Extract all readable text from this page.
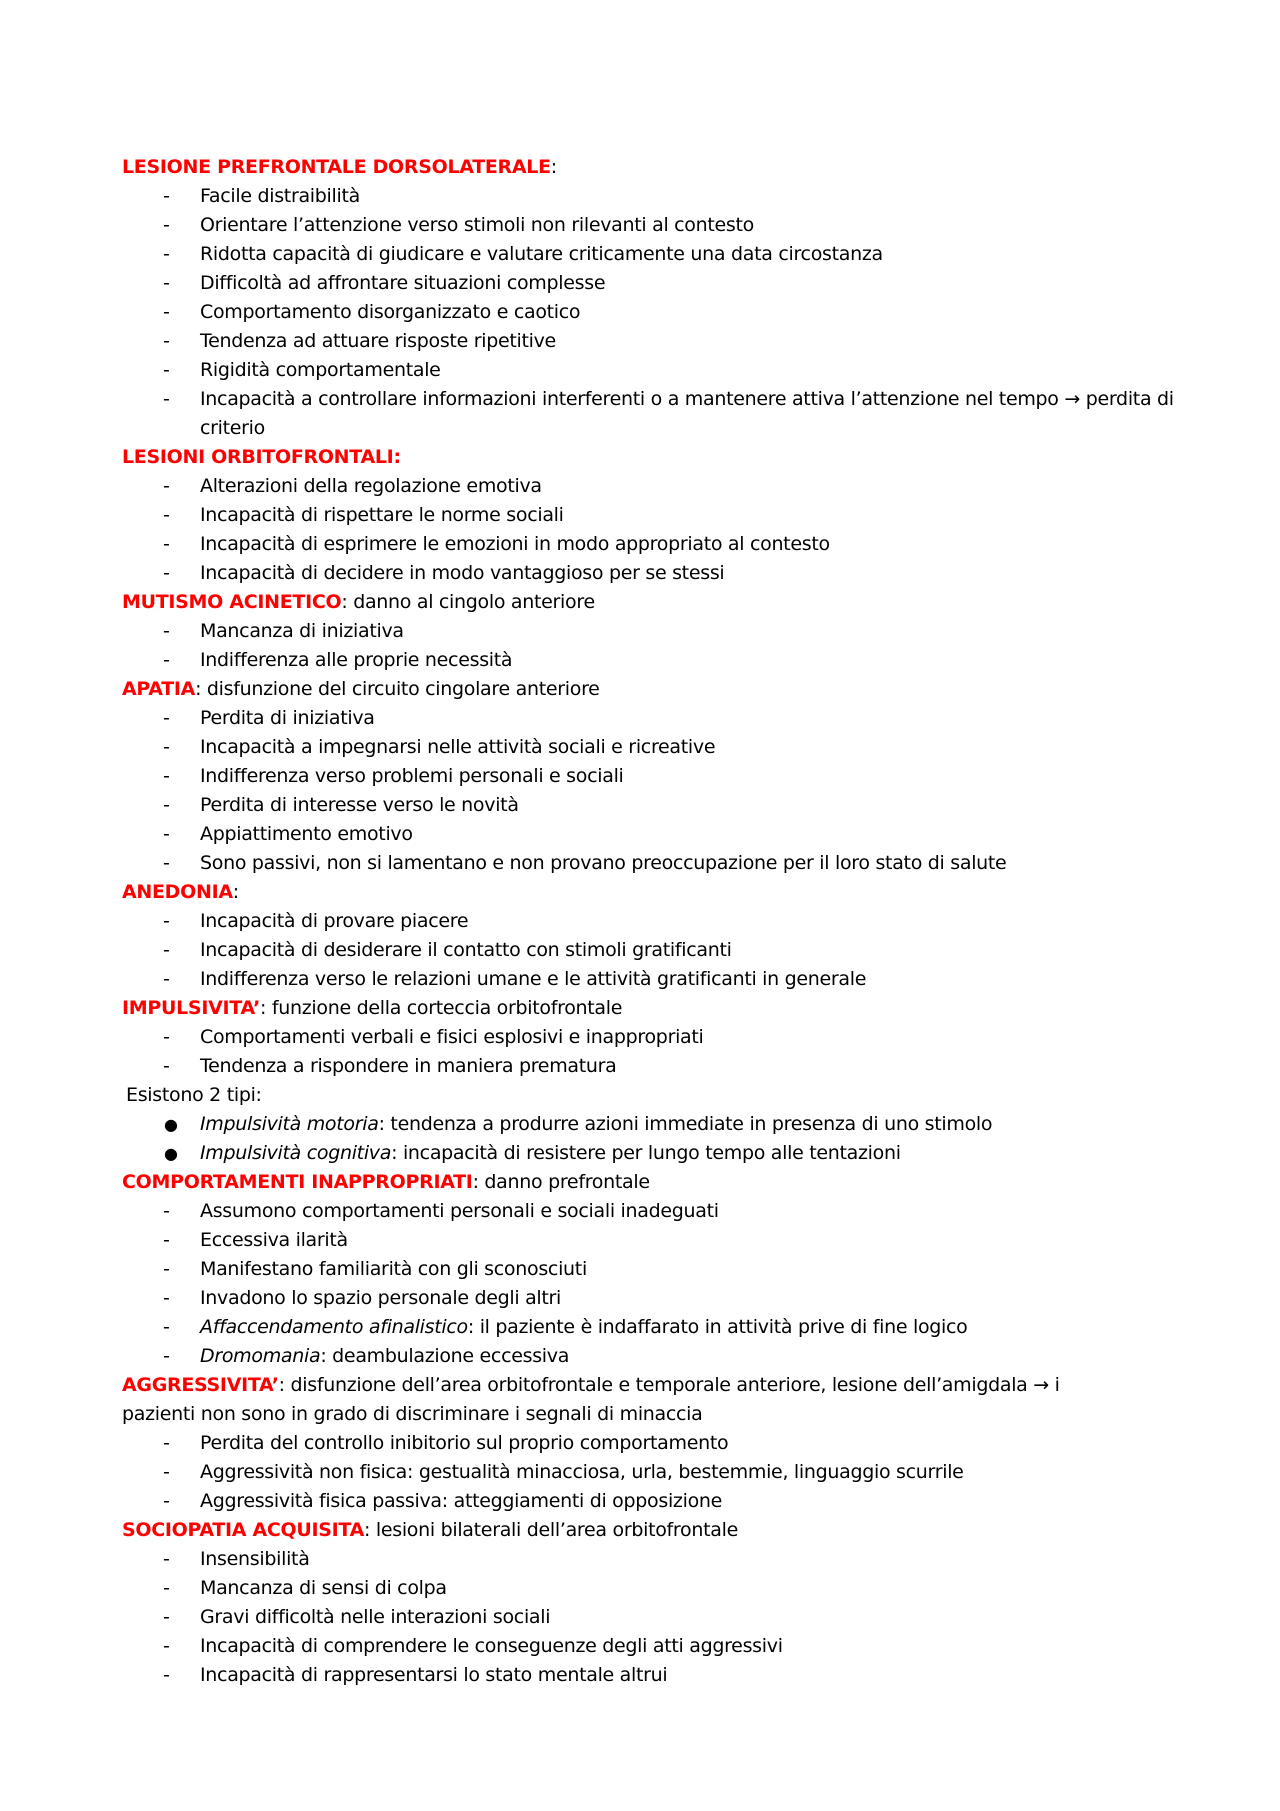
LESIONE PREFRONTALE DORSOLATERALE:
- Facile distraibilità
- Orientare l’attenzione verso stimoli non rilevanti al contesto
- Ridotta capacità di giudicare e valutare criticamente una data circostanza
- Difficoltà ad affrontare situazioni complesse
- Comportamento disorganizzato e caotico
- Tendenza ad attuare risposte ripetitive
- Rigidità comportamentale
- Incapacità a controllare informazioni interferenti o a mantenere attiva l’attenzione nel tempo → perdita di criterio
LESIONI ORBITOFRONTALI:
- Alterazioni della regolazione emotiva
- Incapacità di rispettare le norme sociali
- Incapacità di esprimere le emozioni in modo appropriato al contesto
- Incapacità di decidere in modo vantaggioso per se stessi
MUTISMO ACINETICO: danno al cingolo anteriore
- Mancanza di iniziativa
- Indifferenza alle proprie necessità
APATIA: disfunzione del circuito cingolare anteriore
- Perdita di iniziativa
- Incapacità a impegnarsi nelle attività sociali e ricreative
- Indifferenza verso problemi personali e sociali
- Perdita di interesse verso le novità
- Appiattimento emotivo
- Sono passivi, non si lamentano e non provano preoccupazione per il loro stato di salute
ANEDONIA:
- Incapacità di provare piacere
- Incapacità di desiderare il contatto con stimoli gratificanti
- Indifferenza verso le relazioni umane e le attività gratificanti in generale
IMPULSIVITA’: funzione della corteccia orbitofrontale
- Comportamenti verbali e fisici esplosivi e inappropriati
- Tendenza a rispondere in maniera prematura
Esistono 2 tipi:
● Impulsività motoria: tendenza a produrre azioni immediate in presenza di uno stimolo
● Impulsività cognitiva: incapacità di resistere per lungo tempo alle tentazioni
COMPORTAMENTI INAPPROPRIATI: danno prefrontale
- Assumono comportamenti personali e sociali inadeguati
- Eccessiva ilarità
- Manifestano familiarità con gli sconosciuti
- Invadono lo spazio personale degli altri
- Affaccendamento afinalistico: il paziente è indaffarato in attività prive di fine logico
- Dromomania: deambulazione eccessiva
AGGRESSIVITA’: disfunzione dell’area orbitofrontale e temporale anteriore, lesione dell’amigdala → i pazienti non sono in grado di discriminare i segnali di minaccia
- Perdita del controllo inibitorio sul proprio comportamento
- Aggressività non fisica: gestualità minacciosa, urla, bestemmie, linguaggio scurrile
- Aggressività fisica passiva: atteggiamenti di opposizione
SOCIOPATIA ACQUISITA: lesioni bilaterali dell’area orbitofrontale
- Insensibilità
- Mancanza di sensi di colpa
- Gravi difficoltà nelle interazioni sociali
- Incapacità di comprendere le conseguenze degli atti aggressivi
- Incapacità di rappresentarsi lo stato mentale altrui
